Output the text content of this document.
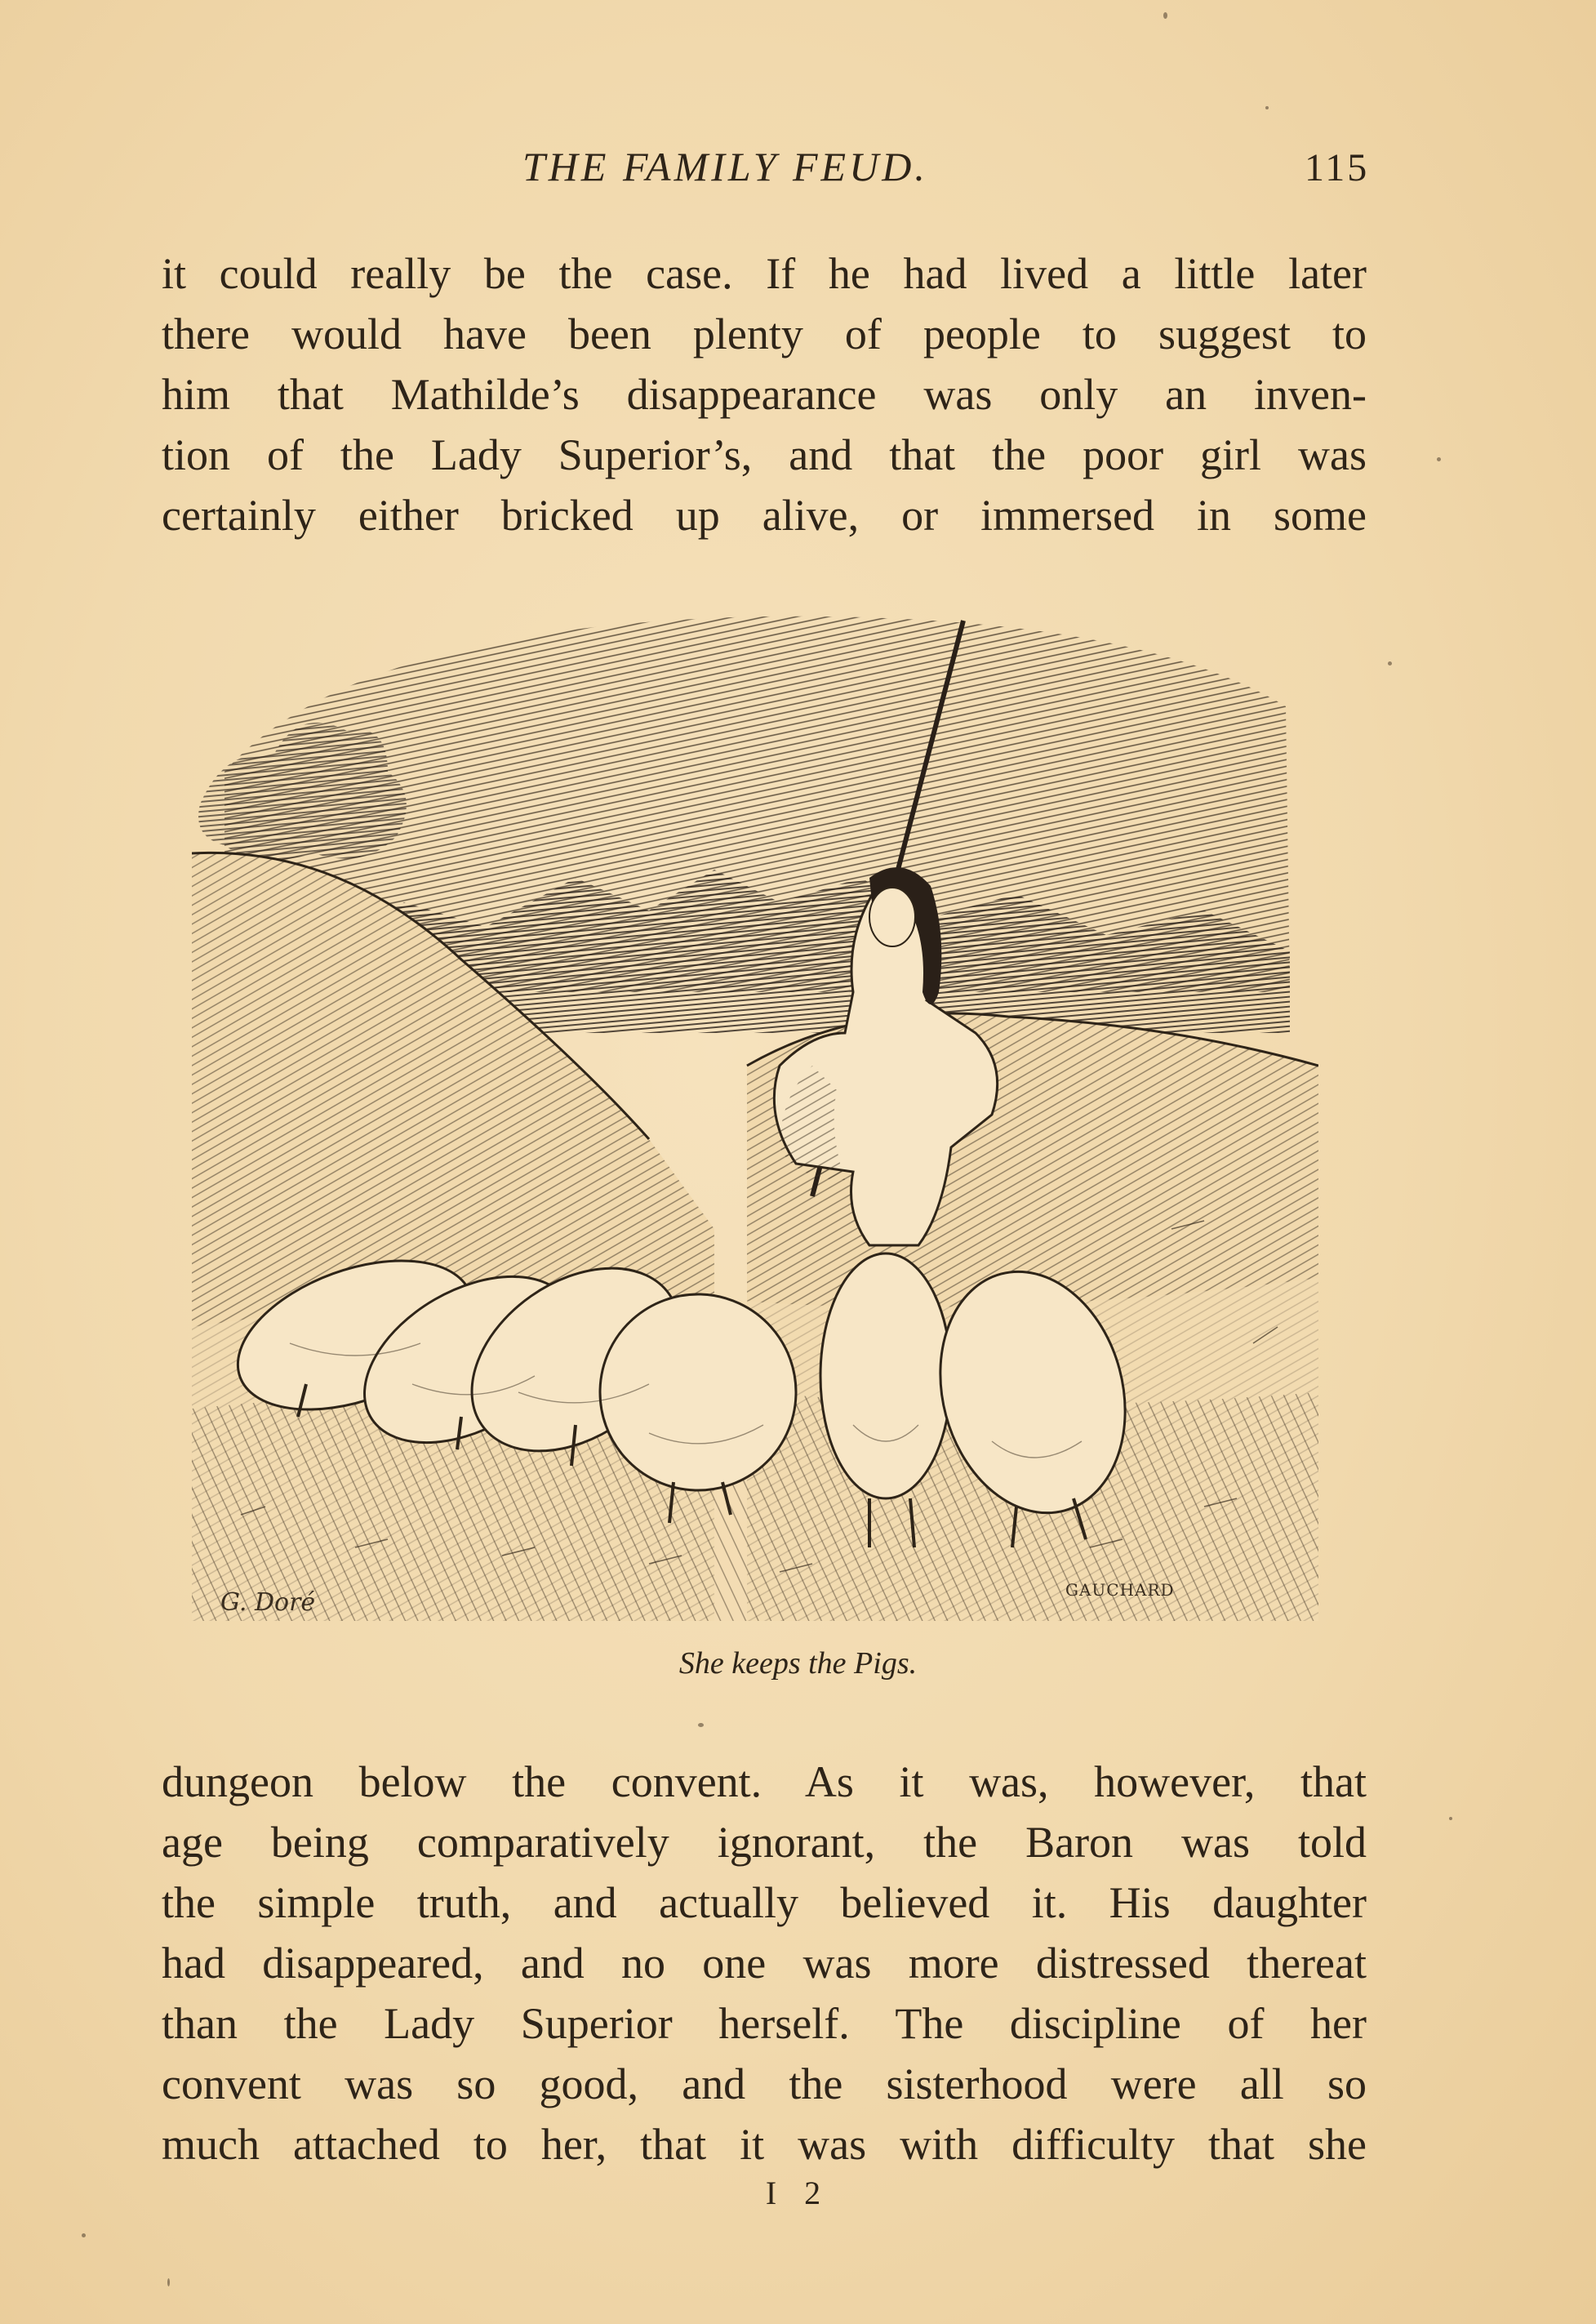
THE FAMILY FEUD.	115
it could really be the case. If he had lived a little later
there would have been plenty of people to suggest to
him that Mathilde’s disappearance was only an inven-
tion of the Lady Superior’s, and that the poor girl was
certainly either bricked up alive, or immersed in some
G. Doré	GAUCHARD
She keeps the Pigs.
dungeon below the convent. As it was, however, that
age being comparatively ignorant, the Baron was told
the simple truth, and actually believed it. His daughter
had disappeared, and no one was more distressed thereat
than the Lady Superior herself. The discipline of her
convent was so good, and the sisterhood were all so
much attached to her, that it was with difficulty that she
I 2
